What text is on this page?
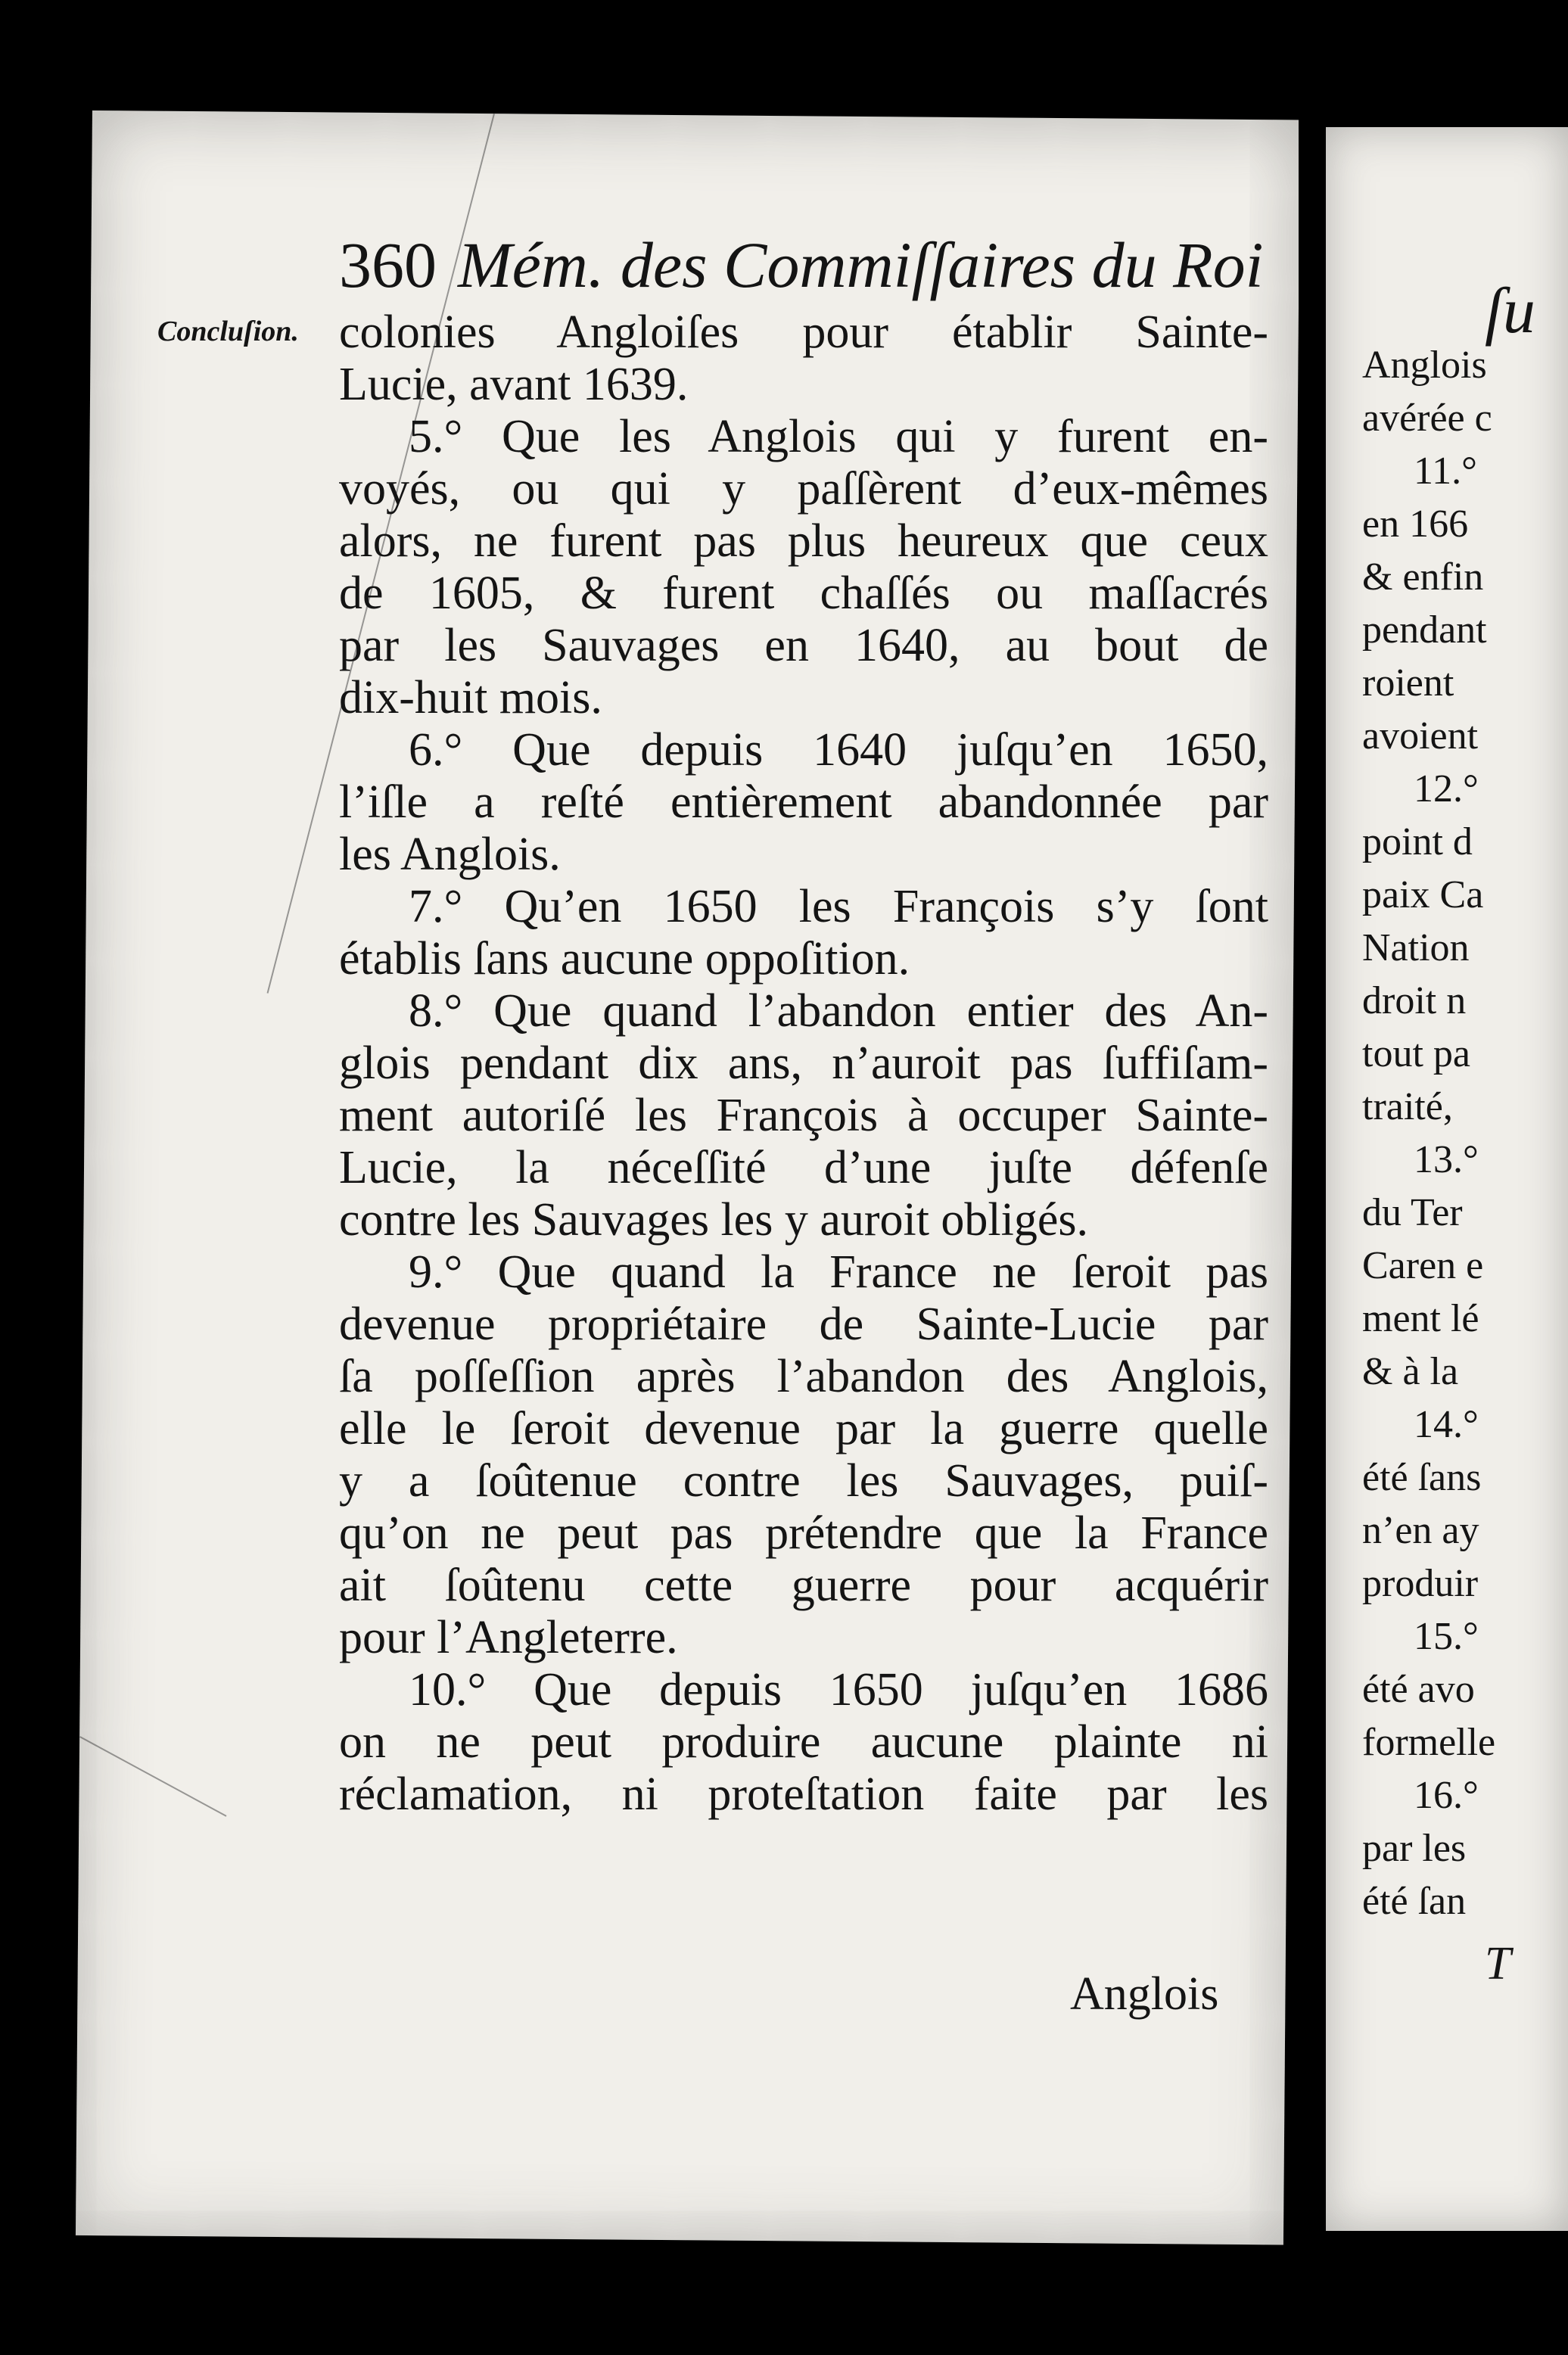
360 Mém. des Commiſſaires du Roi
Concluſion. colonies Angloiſes pour établir Sainte-
Lucie, avant 1639.
5.° Que les Anglois qui y furent en-
voyés, ou qui y paſſèrent d’eux-mêmes
alors, ne furent pas plus heureux que ceux
de 1605, & furent chaſſés ou maſſacrés
par les Sauvages en 1640, au bout de
dix-huit mois.
6.° Que depuis 1640 juſqu’en 1650,
l’iſle a reſté entièrement abandonnée par
les Anglois.
7.° Qu’en 1650 les François s’y ſont
établis ſans aucune oppoſition.
8.° Que quand l’abandon entier des An-
glois pendant dix ans, n’auroit pas ſuffiſam-
ment autoriſé les François à occuper Sainte-
Lucie, la néceſſité d’une juſte défenſe
contre les Sauvages les y auroit obligés.
9.° Que quand la France ne ſeroit pas
devenue propriétaire de Sainte-Lucie par
ſa poſſeſſion après l’abandon des Anglois,
elle le ſeroit devenue par la guerre quelle
y a ſoûtenue contre les Sauvages, puiſ-
qu’on ne peut pas prétendre que la France
ait ſoûtenu cette guerre pour acquérir
pour l’Angleterre.
10.° Que depuis 1650 juſqu’en 1686
on ne peut produire aucune plainte ni
réclamation, ni proteſtation faite par les
Anglois
ſu
Anglois
avérée c
11.°
en 166
& enfin
pendant
roient
avoient
12.°
point d
paix Ca
Nation
droit n
tout pa
traité,
13.°
du Ter
Caren e
ment lé
& à la
14.°
été ſans
n’en ay
produir
15.°
été avo
formelle
16.°
par les
été ſan
T
